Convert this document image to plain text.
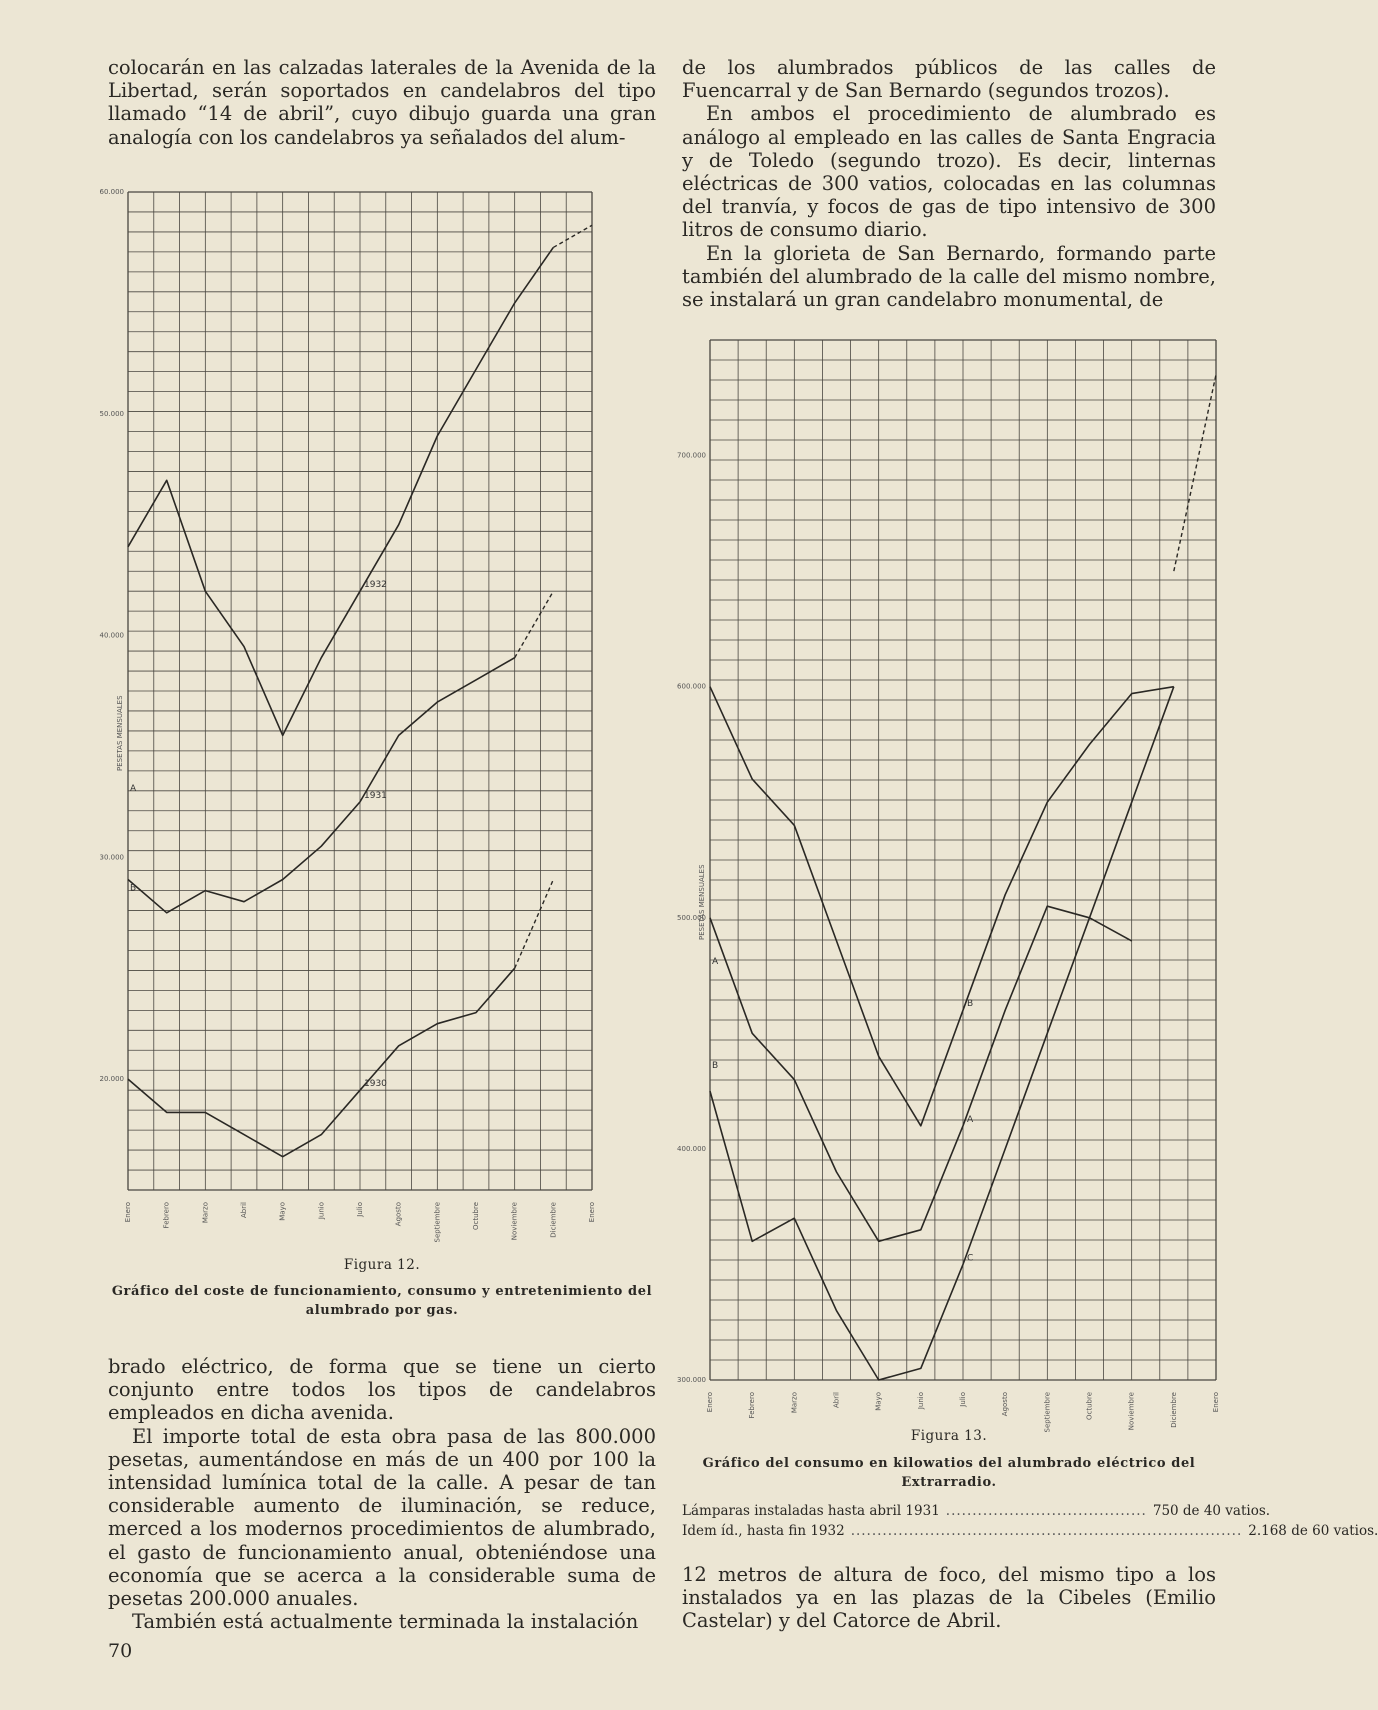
colocarán en las calzadas laterales de la Avenida de la Libertad, serán soportados en candelabros del tipo llamado “14 de abril”, cuyo dibujo guarda una gran analogía con los candelabros ya señalados del alum-

20.000
30.000
40.000
50.000
60.000
PESETAS MENSUALES
Enero	Febrero	Marzo	Abril	Mayo	Junio	Julio	Agosto	Septiembre	Octubre	Noviembre	Diciembre	Enero
1932
1931
1930
A
B
Figura 12.
Gráfico del coste de funcionamiento, consumo y entretenimiento del alumbrado por gas.

brado eléctrico, de forma que se tiene un cierto conjunto entre todos los tipos de candelabros empleados en dicha avenida.

El importe total de esta obra pasa de las 800.000 pesetas, aumentándose en más de un 400 por 100 la intensidad lumínica total de la calle. A pesar de tan considerable aumento de iluminación, se reduce, merced a los modernos procedimientos de alumbrado, el gasto de funcionamiento anual, obteniéndose una economía que se acerca a la considerable suma de pesetas 200.000 anuales.

También está actualmente terminada la instalación

de los alumbrados públicos de las calles de Fuencarral y de San Bernardo (segundos trozos).

En ambos el procedimiento de alumbrado es análogo al empleado en las calles de Santa Engracia y de Toledo (segundo trozo). Es decir, linternas eléctricas de 300 vatios, colocadas en las columnas del tranvía, y focos de gas de tipo intensivo de 300 litros de consumo diario.

En la glorieta de San Bernardo, formando parte también del alumbrado de la calle del mismo nombre, se instalará un gran candelabro monumental, de

300.000
400.000
500.000
600.000
700.000
PESETAS MENSUALES
Enero	Febrero	Marzo	Abril	Mayo	Junio	Julio	Agosto	Septiembre	Octubre	Noviembre	Diciembre	Enero
B
A
C
A
B
Figura 13.
Gráfico del consumo en kilowatios del alumbrado eléctrico del Extrarradio.
Lámparas instaladas hasta abril 1931 ...................................... 750 de 40 vatios.
Idem íd., hasta fin 1932 .......................................................................... 2.168 de 60 vatios.

12 metros de altura de foco, del mismo tipo a los instalados ya en las plazas de la Cibeles (Emilio Castelar) y del Catorce de Abril.

70
